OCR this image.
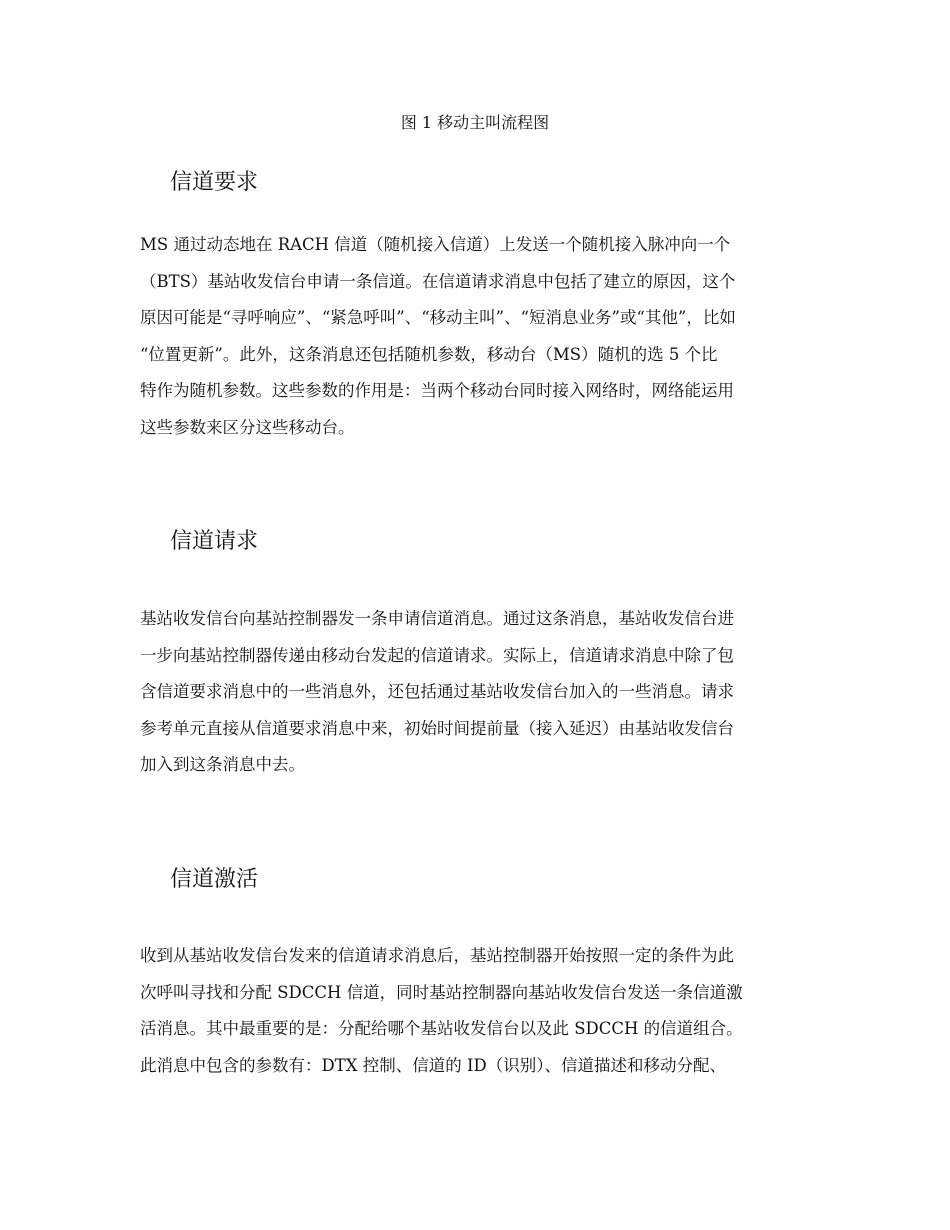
图 1 移动主叫流程图
信道要求
MS 通过动态地在 RACH 信道（随机接入信道）上发送一个随机接入脉冲向一个
（BTS）基站收发信台申请一条信道。在信道请求消息中包括了建立的原因，这个
原因可能是“寻呼响应”、“紧急呼叫”、“移动主叫”、“短消息业务”或“其他”，比如
“位置更新”。此外，这条消息还包括随机参数，移动台（MS）随机的选 5 个比
特作为随机参数。这些参数的作用是：当两个移动台同时接入网络时，网络能运用
这些参数来区分这些移动台。
信道请求
基站收发信台向基站控制器发一条申请信道消息。通过这条消息，基站收发信台进
一步向基站控制器传递由移动台发起的信道请求。实际上，信道请求消息中除了包
含信道要求消息中的一些消息外，还包括通过基站收发信台加入的一些消息。请求
参考单元直接从信道要求消息中来，初始时间提前量（接入延迟）由基站收发信台
加入到这条消息中去。
信道激活
收到从基站收发信台发来的信道请求消息后，基站控制器开始按照一定的条件为此
次呼叫寻找和分配 SDCCH 信道，同时基站控制器向基站收发信台发送一条信道激
活消息。其中最重要的是：分配给哪个基站收发信台以及此 SDCCH 的信道组合。
此消息中包含的参数有：DTX 控制、信道的 ID（识别）、信道描述和移动分配、
